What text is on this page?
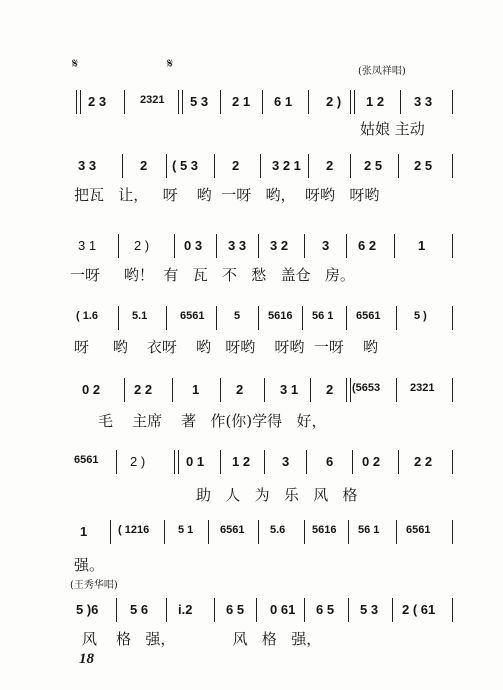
(张凤祥唱)
𝄋	𝄋
2 3	2321 5 3 2 1 6 1	2 ) 1 2 3 3
姑娘 主动
3 3	2 ( 5 3	2	3 2 1 2 2 5 2 5
把瓦   让，   呀    哟  一呀   哟，  呀哟   呀哟
3 1	2 )	0 3 3 3 3 2	3 6 2	1
一呀     哟！  有   瓦   不   愁   盖仓   房。
( 1.6	5.1	6561	5	5616 56 1 6561	5 )
呀     哟    衣呀    哟   呀哟    呀哟  一呀    哟
0 2	2 2	1	2	3 1 2 (5653	2321
毛    主席    著   作(你)学得   好，
6561 2 )	0 1 1 2 3	6 0 2	2 2
助   人   为   乐   风   格
1	( 1216	5 1 6561 5.6 5616 56 1 6561
强。
(王秀华唱)
5 )6 5 6 i.2	6 5 0 61 6 5 5 3 2 ( 61
风    格   强，            风   格   强，
18
